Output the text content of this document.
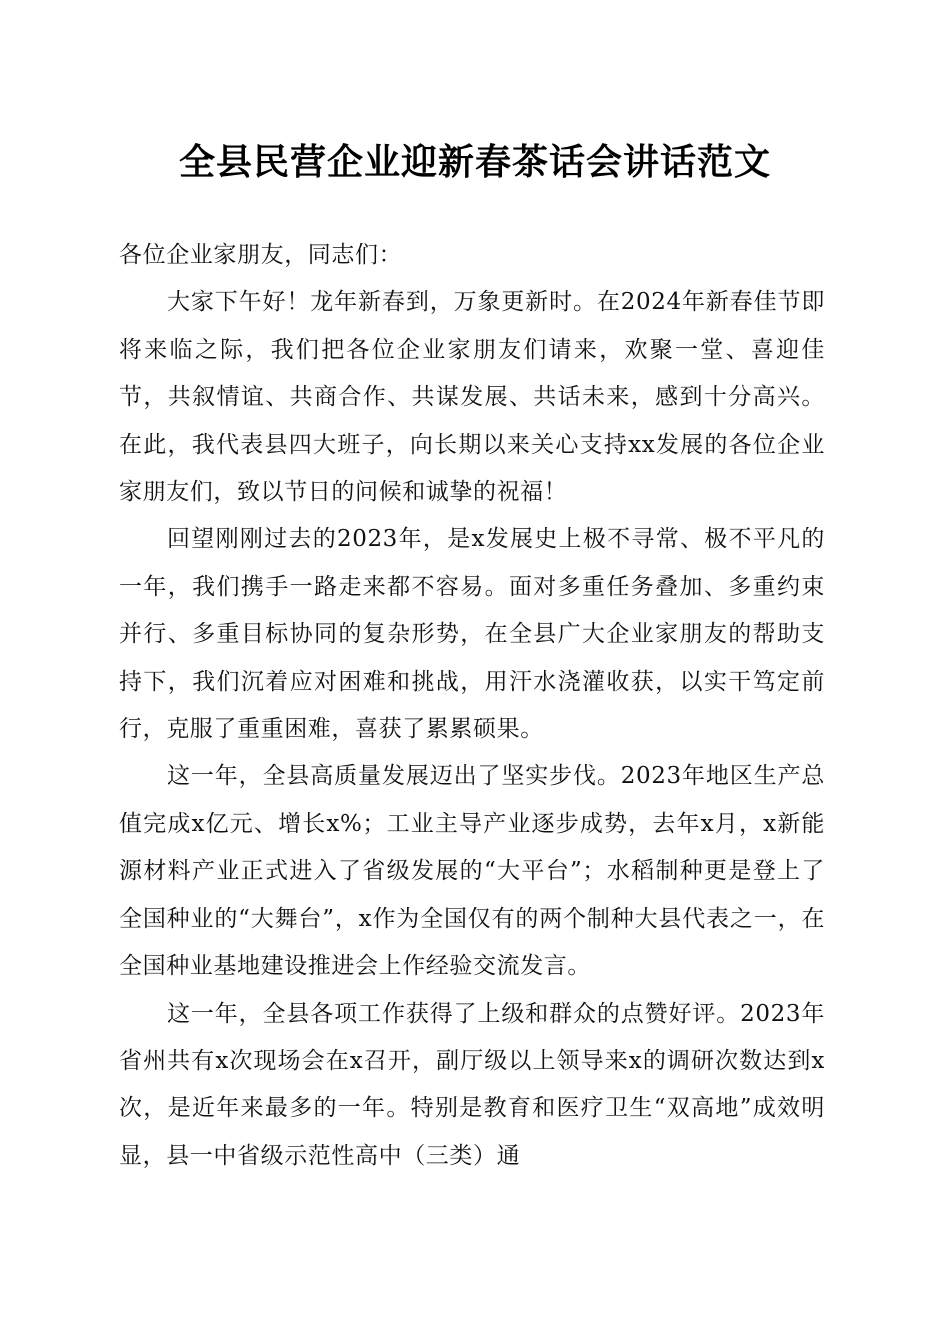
全县民营企业迎新春茶话会讲话范文

各位企业家朋友，同志们：

大家下午好！龙年新春到，万象更新时。在2024年新春佳节即将来临之际，我们把各位企业家朋友们请来，欢聚一堂、喜迎佳节，共叙情谊、共商合作、共谋发展、共话未来，感到十分高兴。在此，我代表县四大班子，向长期以来关心支持xx发展的各位企业家朋友们，致以节日的问候和诚挚的祝福！

回望刚刚过去的2023年，是x发展史上极不寻常、极不平凡的一年，我们携手一路走来都不容易。面对多重任务叠加、多重约束并行、多重目标协同的复杂形势，在全县广大企业家朋友的帮助支持下，我们沉着应对困难和挑战，用汗水浇灌收获，以实干笃定前行，克服了重重困难，喜获了累累硕果。

这一年，全县高质量发展迈出了坚实步伐。2023年地区生产总值完成x亿元、增长x%；工业主导产业逐步成势，去年x月，x新能源材料产业正式进入了省级发展的“大平台”；水稻制种更是登上了全国种业的“大舞台”，x作为全国仅有的两个制种大县代表之一，在全国种业基地建设推进会上作经验交流发言。

这一年，全县各项工作获得了上级和群众的点赞好评。2023年省州共有x次现场会在x召开，副厅级以上领导来x的调研次数达到x次，是近年来最多的一年。特别是教育和医疗卫生“双高地”成效明显，县一中省级示范性高中（三类）通
